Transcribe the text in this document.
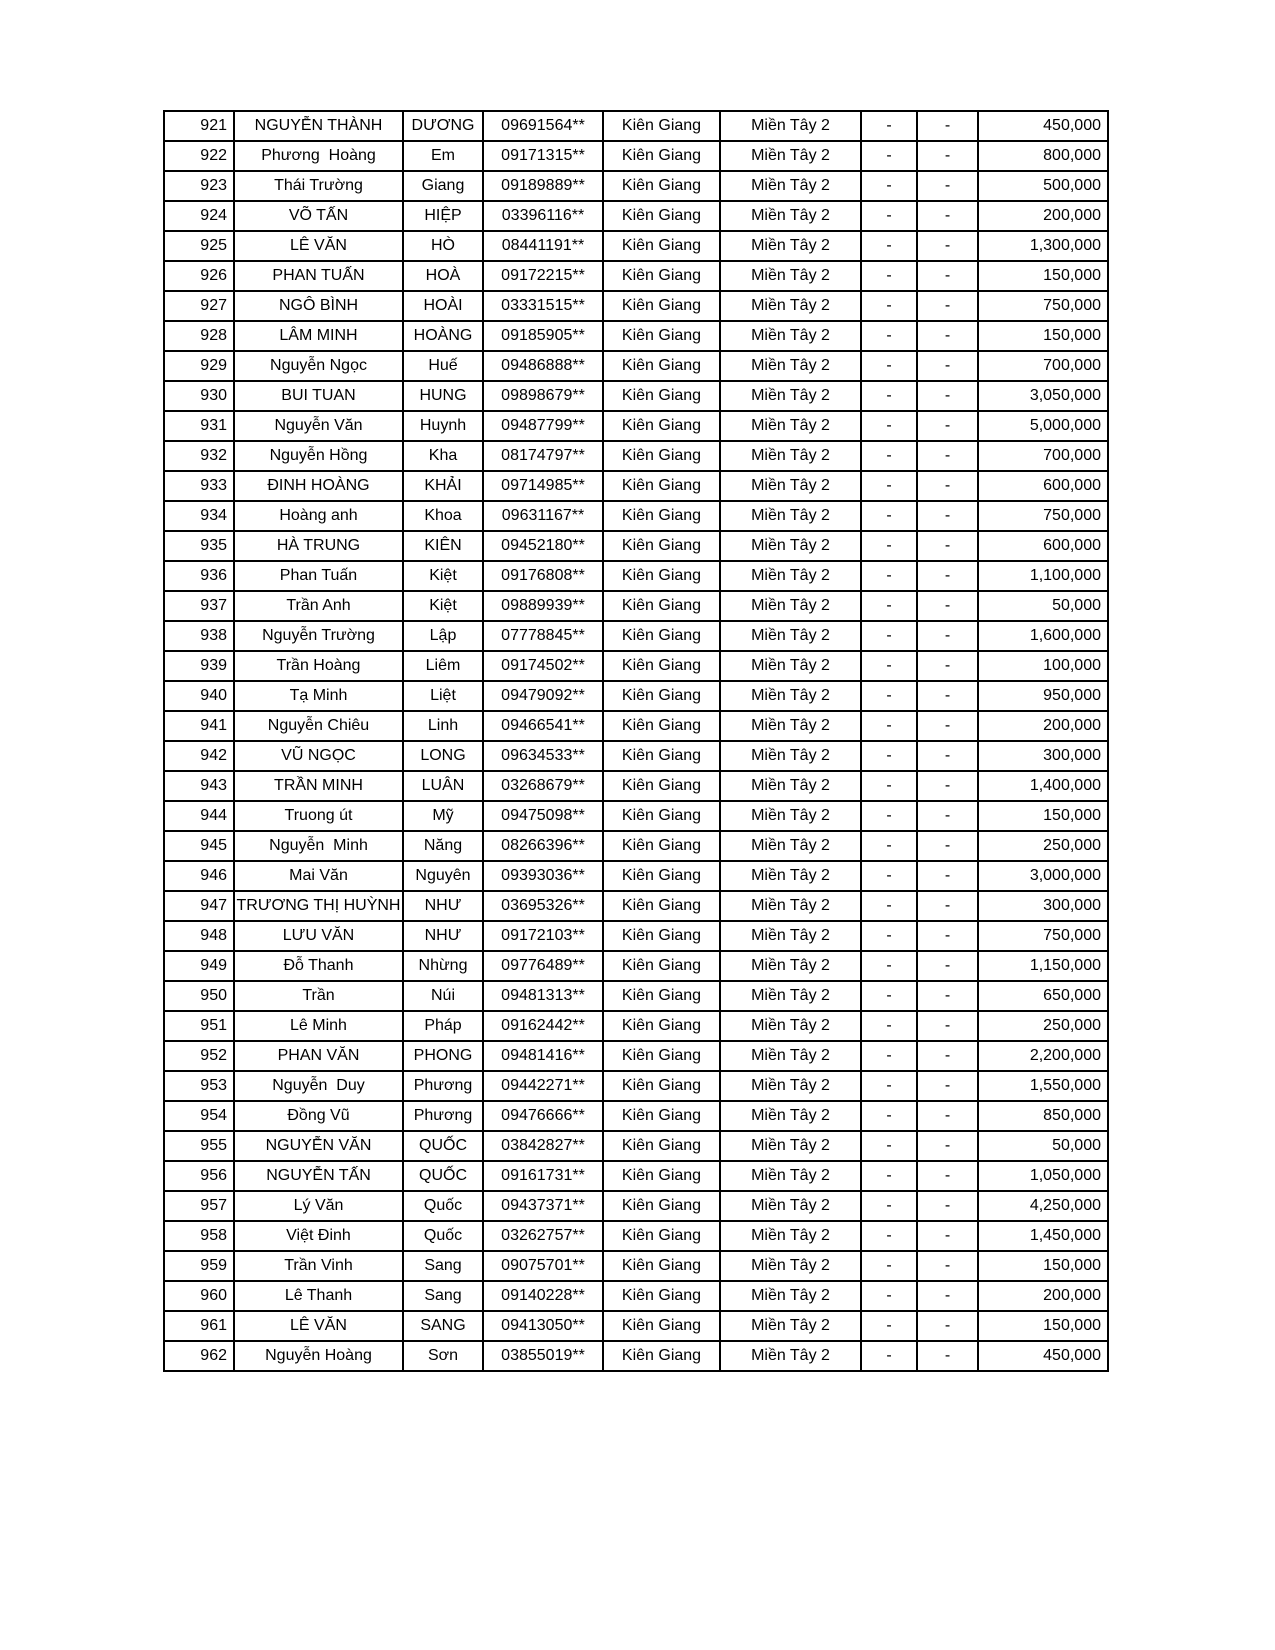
921	NGUYỄN THÀNH	DƯƠNG	09691564**	Kiên Giang	Miền Tây 2	-	-	450,000
922	Phương  Hoàng	Em	09171315**	Kiên Giang	Miền Tây 2	-	-	800,000
923	Thái Trường	Giang	09189889**	Kiên Giang	Miền Tây 2	-	-	500,000
924	VÕ TẤN	HIỆP	03396116**	Kiên Giang	Miền Tây 2	-	-	200,000
925	LÊ VĂN	HÒ	08441191**	Kiên Giang	Miền Tây 2	-	-	1,300,000
926	PHAN TUẤN	HOÀ	09172215**	Kiên Giang	Miền Tây 2	-	-	150,000
927	NGÔ BÌNH	HOÀI	03331515**	Kiên Giang	Miền Tây 2	-	-	750,000
928	LÂM MINH	HOÀNG	09185905**	Kiên Giang	Miền Tây 2	-	-	150,000
929	Nguyễn Ngọc	Huế	09486888**	Kiên Giang	Miền Tây 2	-	-	700,000
930	BUI TUAN	HUNG	09898679**	Kiên Giang	Miền Tây 2	-	-	3,050,000
931	Nguyễn Văn	Huynh	09487799**	Kiên Giang	Miền Tây 2	-	-	5,000,000
932	Nguyễn Hồng	Kha	08174797**	Kiên Giang	Miền Tây 2	-	-	700,000
933	ĐINH HOÀNG	KHẢI	09714985**	Kiên Giang	Miền Tây 2	-	-	600,000
934	Hoàng anh	Khoa	09631167**	Kiên Giang	Miền Tây 2	-	-	750,000
935	HÀ TRUNG	KIÊN	09452180**	Kiên Giang	Miền Tây 2	-	-	600,000
936	Phan Tuấn	Kiệt	09176808**	Kiên Giang	Miền Tây 2	-	-	1,100,000
937	Trần Anh	Kiệt	09889939**	Kiên Giang	Miền Tây 2	-	-	50,000
938	Nguyễn Trường	Lập	07778845**	Kiên Giang	Miền Tây 2	-	-	1,600,000
939	Trần Hoàng	Liêm	09174502**	Kiên Giang	Miền Tây 2	-	-	100,000
940	Tạ Minh	Liệt	09479092**	Kiên Giang	Miền Tây 2	-	-	950,000
941	Nguyễn Chiêu	Linh	09466541**	Kiên Giang	Miền Tây 2	-	-	200,000
942	VŨ NGỌC	LONG	09634533**	Kiên Giang	Miền Tây 2	-	-	300,000
943	TRẦN MINH	LUÂN	03268679**	Kiên Giang	Miền Tây 2	-	-	1,400,000
944	Truong út	Mỹ	09475098**	Kiên Giang	Miền Tây 2	-	-	150,000
945	Nguyễn  Minh	Năng	08266396**	Kiên Giang	Miền Tây 2	-	-	250,000
946	Mai Văn	Nguyên	09393036**	Kiên Giang	Miền Tây 2	-	-	3,000,000
947	TRƯƠNG THỊ HUỲNH	NHƯ	03695326**	Kiên Giang	Miền Tây 2	-	-	300,000
948	LƯU VĂN	NHƯ	09172103**	Kiên Giang	Miền Tây 2	-	-	750,000
949	Đỗ Thanh	Nhừng	09776489**	Kiên Giang	Miền Tây 2	-	-	1,150,000
950	Trần	Núi	09481313**	Kiên Giang	Miền Tây 2	-	-	650,000
951	Lê Minh	Pháp	09162442**	Kiên Giang	Miền Tây 2	-	-	250,000
952	PHAN VĂN	PHONG	09481416**	Kiên Giang	Miền Tây 2	-	-	2,200,000
953	Nguyễn  Duy	Phương	09442271**	Kiên Giang	Miền Tây 2	-	-	1,550,000
954	Đồng Vũ	Phương	09476666**	Kiên Giang	Miền Tây 2	-	-	850,000
955	NGUYỄN VĂN	QUỐC	03842827**	Kiên Giang	Miền Tây 2	-	-	50,000
956	NGUYỄN TẤN	QUỐC	09161731**	Kiên Giang	Miền Tây 2	-	-	1,050,000
957	Lý Văn	Quốc	09437371**	Kiên Giang	Miền Tây 2	-	-	4,250,000
958	Việt Đinh	Quốc	03262757**	Kiên Giang	Miền Tây 2	-	-	1,450,000
959	Trần Vinh	Sang	09075701**	Kiên Giang	Miền Tây 2	-	-	150,000
960	Lê Thanh	Sang	09140228**	Kiên Giang	Miền Tây 2	-	-	200,000
961	LÊ VĂN	SANG	09413050**	Kiên Giang	Miền Tây 2	-	-	150,000
962	Nguyễn Hoàng	Sơn	03855019**	Kiên Giang	Miền Tây 2	-	-	450,000
